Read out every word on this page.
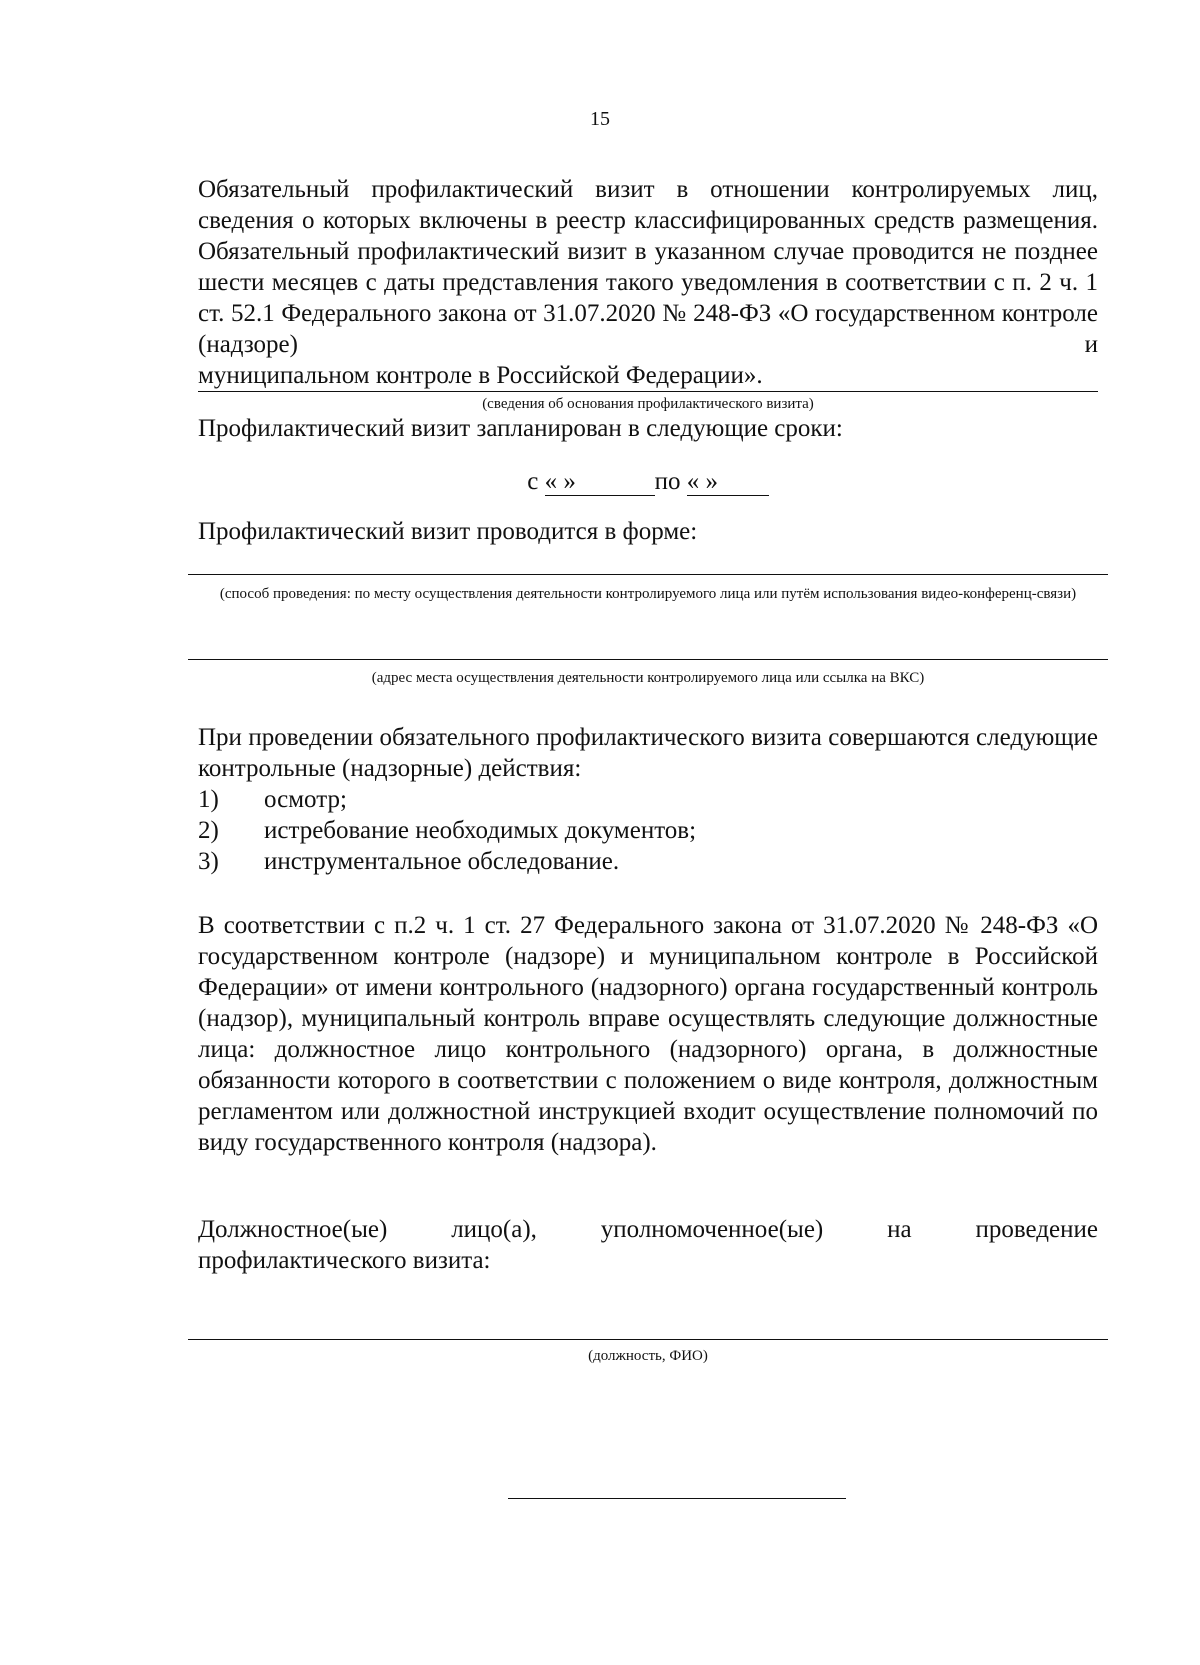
15

Обязательный профилактический визит в отношении контролируемых лиц, сведения о которых включены в реестр классифицированных средств размещения. Обязательный профилактический визит в указанном случае проводится не позднее шести месяцев с даты представления такого уведомления в соответствии с п. 2 ч. 1 ст. 52.1 Федерального закона от 31.07.2020 № 248-ФЗ «О государственном контроле (надзоре) и

муниципальном контроле в Российской Федерации».

(сведения об основания профилактического визита)

Профилактический визит запланирован в следующие сроки:

с « »	по « »

Профилактический визит проводится в форме:

(способ проведения: по месту осуществления деятельности контролируемого лица или путём использования видео-конференц-связи)

(адрес места осуществления деятельности контролируемого лица или ссылка на ВКС)

При проведении обязательного профилактического визита совершаются следующие контрольные (надзорные) действия:

1)	осмотр;
2)	истребование необходимых документов;
3)	инструментальное обследование.

В соответствии с п.2 ч. 1 ст. 27 Федерального закона от 31.07.2020 № 248-ФЗ «О государственном контроле (надзоре) и муниципальном контроле в Российской Федерации» от имени контрольного (надзорного) органа государственный контроль (надзор), муниципальный контроль вправе осуществлять следующие должностные лица: должностное лицо контрольного (надзорного) органа, в должностные обязанности которого в соответствии с положением о виде контроля, должностным регламентом или должностной инструкцией входит осуществление полномочий по виду государственного контроля (надзора).

Должностное(ые)	лицо(а),	уполномоченное(ые)	на	проведение

профилактического визита:

(должность, ФИО)
